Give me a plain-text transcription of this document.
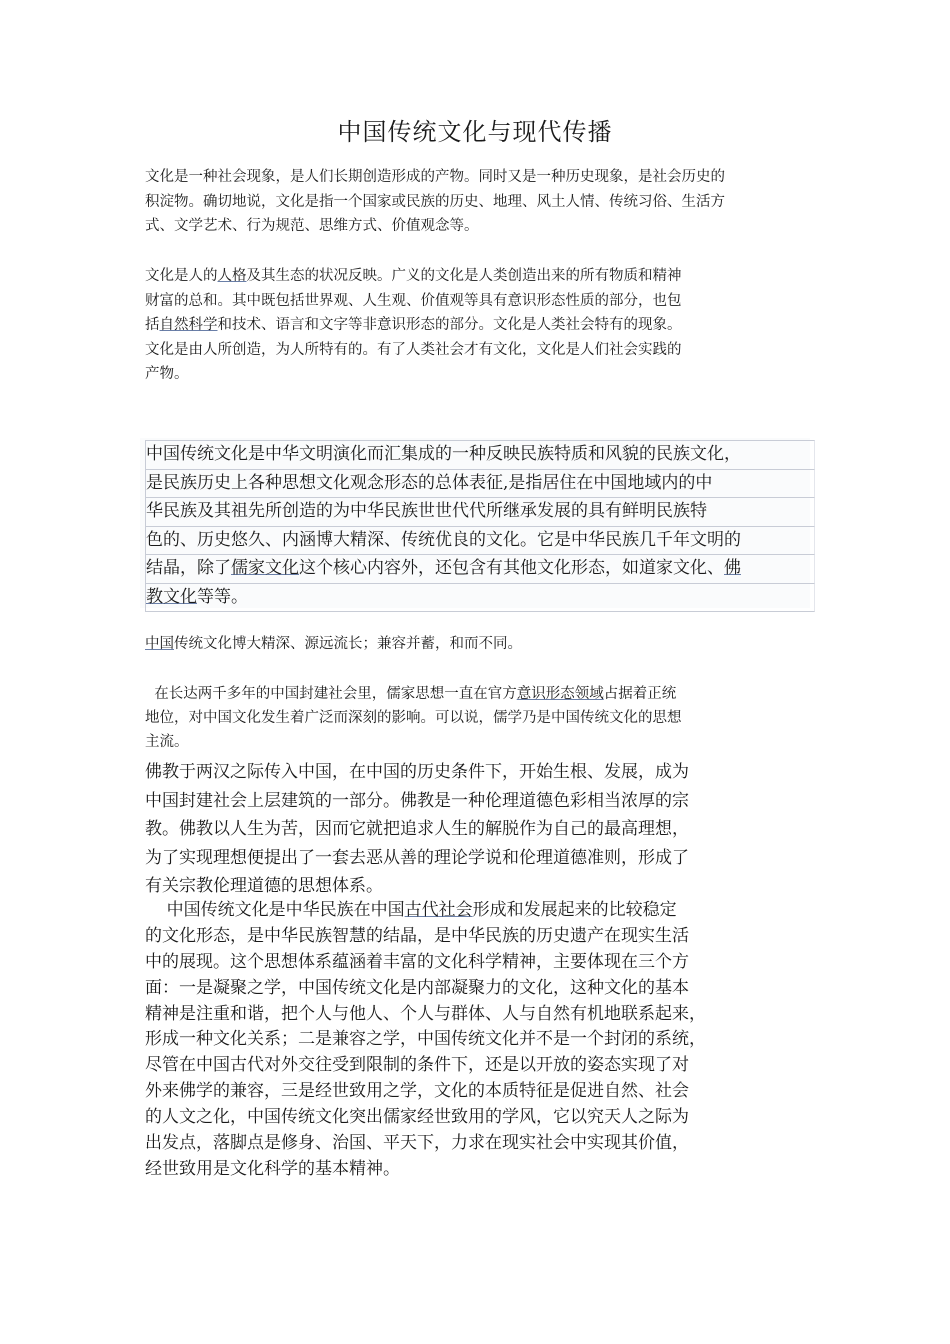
中国传统文化与现代传播
文化是一种社会现象，是人们长期创造形成的产物。同时又是一种历史现象，是社会历史的
积淀物。确切地说，文化是指一个国家或民族的历史、地理、风土人情、传统习俗、生活方
式、文学艺术、行为规范、思维方式、价值观念等。
文化是人的人格及其生态的状况反映。广义的文化是人类创造出来的所有物质和精神
财富的总和。其中既包括世界观、人生观、价值观等具有意识形态性质的部分，也包
括自然科学和技术、语言和文字等非意识形态的部分。文化是人类社会特有的现象。
文化是由人所创造，为人所特有的。有了人类社会才有文化，文化是人们社会实践的
产物。
中国传统文化是中华文明演化而汇集成的一种反映民族特质和风貌的民族文化，
是民族历史上各种思想文化观念形态的总体表征,是指居住在中国地域内的中
华民族及其祖先所创造的为中华民族世世代代所继承发展的具有鲜明民族特
色的、历史悠久、内涵博大精深、传统优良的文化。它是中华民族几千年文明的
结晶，除了儒家文化这个核心内容外，还包含有其他文化形态，如道家文化、佛
教文化等等。
中国传统文化博大精深、源远流长；兼容并蓄，和而不同。
在长达两千多年的中国封建社会里，儒家思想一直在官方意识形态领域占据着正统
地位，对中国文化发生着广泛而深刻的影响。可以说，儒学乃是中国传统文化的思想
主流。
佛教于两汉之际传入中国，在中国的历史条件下，开始生根、发展，成为
中国封建社会上层建筑的一部分。佛教是一种伦理道德色彩相当浓厚的宗
教。佛教以人生为苦，因而它就把追求人生的解脱作为自己的最高理想，
为了实现理想便提出了一套去恶从善的理论学说和伦理道德准则，形成了
有关宗教伦理道德的思想体系。
中国传统文化是中华民族在中国古代社会形成和发展起来的比较稳定
的文化形态，是中华民族智慧的结晶，是中华民族的历史遗产在现实生活
中的展现。这个思想体系蕴涵着丰富的文化科学精神，主要体现在三个方
面：一是凝聚之学，中国传统文化是内部凝聚力的文化，这种文化的基本
精神是注重和谐，把个人与他人、个人与群体、人与自然有机地联系起来，
形成一种文化关系；二是兼容之学，中国传统文化并不是一个封闭的系统，
尽管在中国古代对外交往受到限制的条件下，还是以开放的姿态实现了对
外来佛学的兼容，三是经世致用之学，文化的本质特征是促进自然、社会
的人文之化，中国传统文化突出儒家经世致用的学风，它以究天人之际为
出发点，落脚点是修身、治国、平天下，力求在现实社会中实现其价值，
经世致用是文化科学的基本精神。
